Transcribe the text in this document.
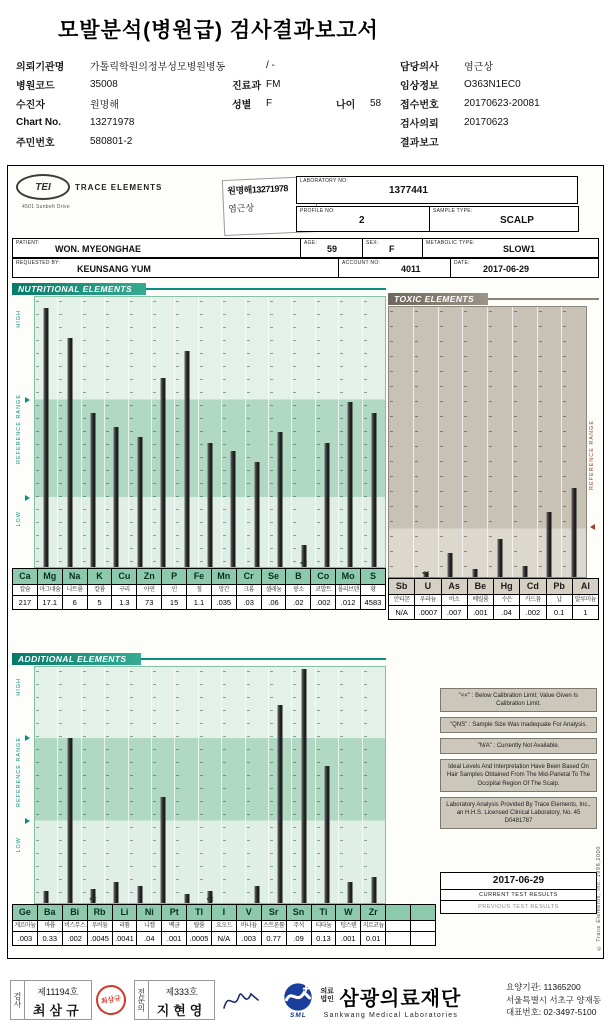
모발분석(병원급) 검사결과보고서
의뢰기관명	가톨릭학원의정부성모병원병동	/ -
병원코드	35008	진료과 FM
수진자	원명해	성별	F	나이	58
Chart No.	13271978
주민번호	580801-2
담당의사	염근상
임상정보	O363N1EC0
접수번호	20170623-20081
검사의뢰	20170623
결과보고
TEI	TRACE ELEMENTS
4501 Sunbelt Drive
원명해13271978
염근상
LABORATORY NO:
1377441
PROFILE NO:
2
SAMPLE TYPE:
SCALP
PATIENT:
WON. MYEONGHAE
AGE:
59
SEX:
F
METABOLIC TYPE:
SLOW1
REQUESTED BY:
KEUNSANG YUM
ACCOUNT NO:
4011
DATE:
2017-06-29
NUTRITIONAL ELEMENTS
HIGH
REFERENCE RANGE
LOW
<<
Ca	Mg	Na	K	Cu	Zn	P	Fe	Mn	Cr	Se	B	Co	Mo	S
칼슘	마그네슘	나트륨	칼륨	구리	아연	인	철	망간	크롬	셀레늄	붕소	코발트	몰리브덴	황
217	17.1	6	5	1.3	73	15	1.1	.035	.03	.06	.02	.002	.012	4583
TOXIC ELEMENTS
<<
REFERENCE RANGE
Sb	U	As	Be	Hg	Cd	Pb	Al
안티몬	우라늄	비소	베릴륨	수은	카드뮴	납	알루미늄
N/A	.0007	.007	.001	.04	.002	0.1	1
ADDITIONAL ELEMENTS
HIGH
REFERENCE RANGE
LOW
<<	<<
Ge	Ba	Bi	Rb	Li	Ni	Pt	Tl	I	V	Sr	Sn	Ti	W	Zr
게르마늄	바륨	비스무스	루비듐	리튬	니켈	백금	탈륨	요오드	바나듐	스트론튬	주석	티타늄	텅스텐	지르코늄
.003	0.33	.002	.0045 .0041	.04	.001	.0005	N/A	.003	0.77	.09	0.13	.001	0.01
"<<" : Below Calibration Limit; Value Given Is Calibration Limit.
"QNS" : Sample Size Was Inadequate For Analysis.
"N/A" : Currently Not Available.
Ideal Levels And Interpretation Have Been Based On Hair Samples Obtained From The Mid-Parietal To The Occipital Region Of The Scalp.
Laboratory Analysis Provided By Trace Elements, Inc., an H.H.S. Licensed Clinical Laboratory, No. 45 D0481787
2017-06-29
CURRENT TEST RESULTS
PREVIOUS TEST RESULTS	© Trace Elements, Inc. 1998,2000
검사	제11194호
최삼규
최삼규 전문의	제333호
지현영	SML
의료법인 삼광의료재단
Sankwang Medical Laboratories
요양기관: 11365200
서울특별시 서초구 양재동
대표번호: 02-3497-5100
